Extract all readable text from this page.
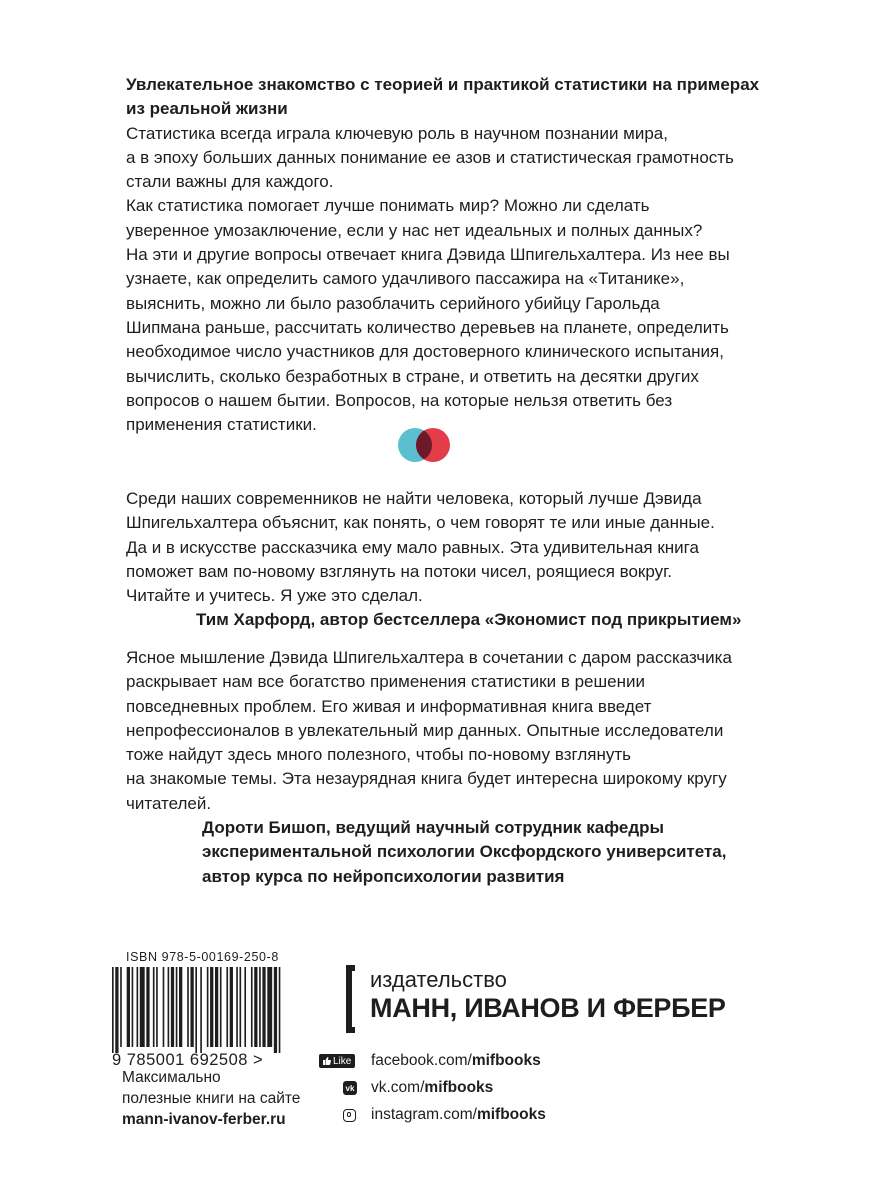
Увлекательное знакомство с теорией и практикой статистики на примерах
из реальной жизни
Статистика всегда играла ключевую роль в научном познании мира,
а в эпоху больших данных понимание ее азов и статистическая грамотность
стали важны для каждого.
Как статистика помогает лучше понимать мир? Можно ли сделать
уверенное умозаключение, если у нас нет идеальных и полных данных?
На эти и другие вопросы отвечает книга Дэвида Шпигельхалтера. Из нее вы
узнаете, как определить самого удачливого пассажира на «Титанике»,
выяснить, можно ли было разоблачить серийного убийцу Гарольда
Шипмана раньше, рассчитать количество деревьев на планете, определить
необходимое число участников для достоверного клинического испытания,
вычислить, сколько безработных в стране, и ответить на десятки других
вопросов о нашем бытии. Вопросов, на которые нельзя ответить без
применения статистики.
Среди наших современников не найти человека, который лучше Дэвида
Шпигельхалтера объяснит, как понять, о чем говорят те или иные данные.
Да и в искусстве рассказчика ему мало равных. Эта удивительная книга
поможет вам по-новому взглянуть на потоки чисел, роящиеся вокруг.
Читайте и учитесь. Я уже это сделал.
Тим Харфорд, автор бестселлера «Экономист под прикрытием»
Ясное мышление Дэвида Шпигельхалтера в сочетании с даром рассказчика
раскрывает нам все богатство применения статистики в решении
повседневных проблем. Его живая и информативная книга введет
непрофессионалов в увлекательный мир данных. Опытные исследователи
тоже найдут здесь много полезного, чтобы по-новому взглянуть
на знакомые темы. Эта незаурядная книга будет интересна широкому кругу
читателей.
Дороти Бишоп, ведущий научный сотрудник кафедры
экспериментальной психологии Оксфордского университета,
автор курса по нейропсихологии развития
ISBN 978-5-00169-250-8
9 785001 692508 >
Максимально
полезные книги на сайте
mann-ivanov-ferber.ru
издательство
МАНН, ИВАНОВ И ФЕРБЕР
Like facebook.com/mifbooks
vk vk.com/mifbooks
instagram.com/mifbooks
